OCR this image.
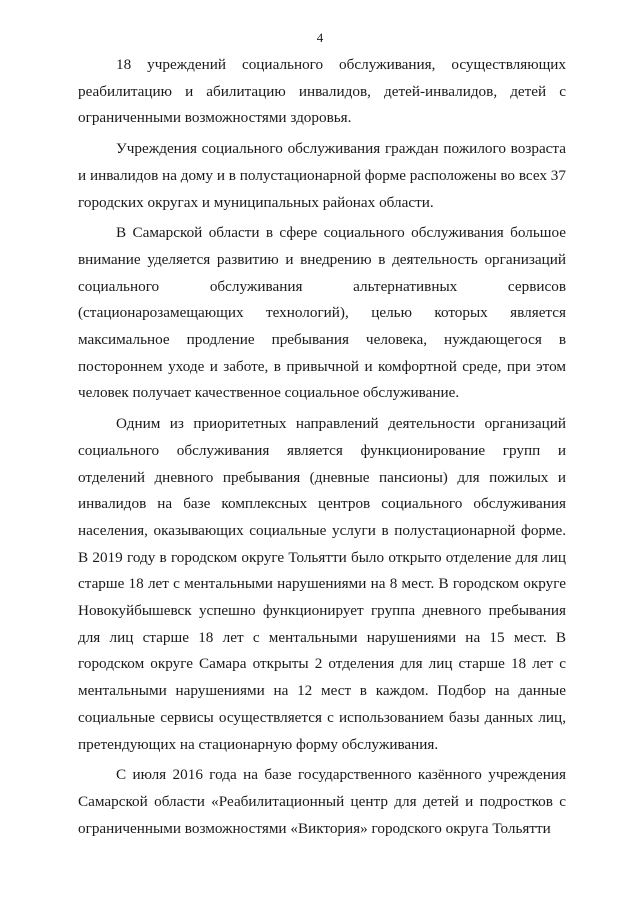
4

18 учреждений социального обслуживания, осуществляющих реабилитацию и абилитацию инвалидов, детей-инвалидов, детей с ограниченными возможностями здоровья.

Учреждения социального обслуживания граждан пожилого возраста и инвалидов на дому и в полустационарной форме расположены во всех 37 городских округах и муниципальных районах области.

В Самарской области в сфере социального обслуживания большое внимание уделяется развитию и внедрению в деятельность организаций социального обслуживания альтернативных сервисов (стационарозамещающих технологий), целью которых является максимальное продление пребывания человека, нуждающегося в постороннем уходе и заботе, в привычной и комфортной среде, при этом человек получает качественное социальное обслуживание.

Одним из приоритетных направлений деятельности организаций социального обслуживания является функционирование групп и отделений дневного пребывания (дневные пансионы) для пожилых и инвалидов на базе комплексных центров социального обслуживания населения, оказывающих социальные услуги в полустационарной форме. В 2019 году в городском округе Тольятти было открыто отделение для лиц старше 18 лет с ментальными нарушениями на 8 мест. В городском округе Новокуйбышевск успешно функционирует группа дневного пребывания для лиц старше 18 лет с ментальными нарушениями на 15 мест. В городском округе Самара открыты 2 отделения для лиц старше 18 лет с ментальными нарушениями на 12 мест в каждом. Подбор на данные социальные сервисы осуществляется с использованием базы данных лиц, претендующих на стационарную форму обслуживания.

С июля 2016 года на базе государственного казённого учреждения Самарской области «Реабилитационный центр для детей и подростков с ограниченными возможностями «Виктория» городского округа Тольятти
